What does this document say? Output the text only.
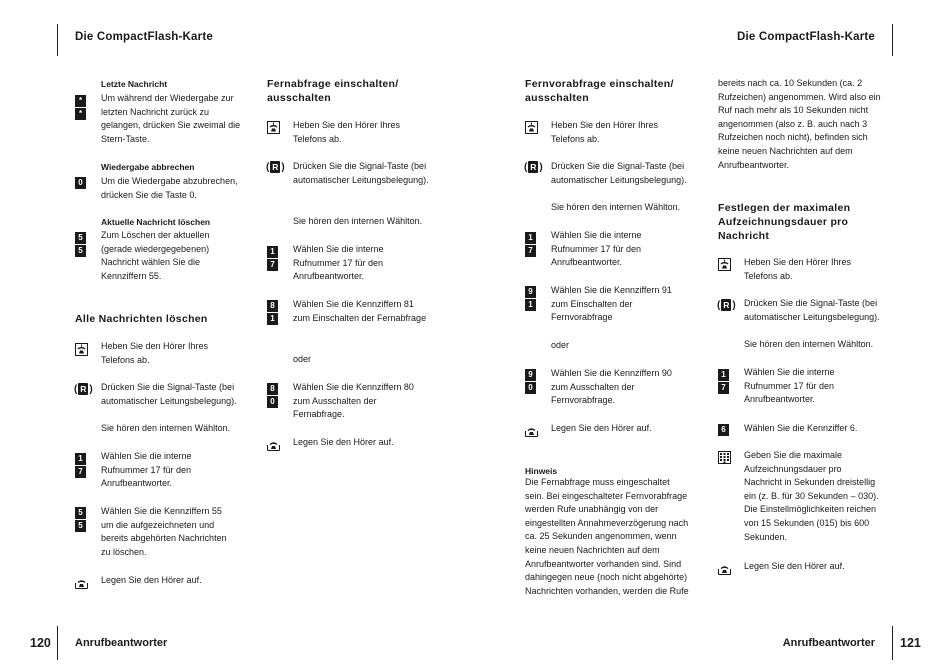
Die CompactFlash-Karte	Die CompactFlash-Karte
120 Anrufbeantworter	Anrufbeantworter 121
Letzte Nachricht
*
*
Um während der Wiedergabe zur letzten Nachricht zurück zu gelangen, drücken Sie zweimal die Stern-Taste.
Wiedergabe abbrechen
0	Um die Wiedergabe abzubrechen, drücken Sie die Taste 0.
Aktuelle Nachricht löschen
5
5
Zum Löschen der aktuellen (gerade wiedergegebenen) Nachricht wählen Sie die Kennziffern 55.
Alle Nachrichten löschen
Heben Sie den Hörer Ihres Telefons ab.
( R ) Drücken Sie die Signal-Taste (bei automatischer Leitungsbelegung).
Sie hören den internen Wählton.
1
7
Wählen Sie die interne Rufnummer 17 für den Anrufbeantworter.
5
5
Wählen Sie die Kennziffern 55 um die aufgezeichneten und bereits abgehörten Nachrichten zu löschen.
Legen Sie den Hörer auf.
Fernabfrage einschalten/ ausschalten
Heben Sie den Hörer Ihres Telefons ab.
( R ) Drücken Sie die Signal-Taste (bei automatischer Leitungsbelegung).
Sie hören den internen Wählton.
1
7
Wählen Sie die interne Rufnummer 17 für den Anrufbeantworter.
8
1
Wählen Sie die Kennziffern 81 zum Einschalten der Fernabfrage
oder
8
0
Wählen Sie die Kennziffern 80 zum Ausschalten der Fernabfrage.
Legen Sie den Hörer auf.
Fernvorabfrage einschalten/ ausschalten
Heben Sie den Hörer Ihres Telefons ab.
( R ) Drücken Sie die Signal-Taste (bei automatischer Leitungsbelegung).
Sie hören den internen Wählton.
1
7
Wählen Sie die interne Rufnummer 17 für den Anrufbeantworter.
9
1
Wählen Sie die Kennziffern 91 zum Einschalten der Fernvorabfrage
oder
9
0
Wählen Sie die Kennziffern 90 zum Ausschalten der Fernvorabfrage.
Legen Sie den Hörer auf.
Hinweis
Die Fernabfrage muss eingeschaltet sein. Bei eingeschalteter Fernvorabfrage werden Rufe unabhängig von der eingestellten Annahmeverzögerung nach ca. 25 Sekunden angenommen, wenn keine neuen Nachrichten auf dem Anrufbeantworter vorhanden sind. Sind dahingegen neue (noch nicht abgehörte) Nachrichten vorhanden, werden die Rufe
bereits nach ca. 10 Sekunden (ca. 2 Rufzeichen) angenommen. Wird also ein Ruf nach mehr als 10 Sekunden nicht angenommen (also z. B. auch nach 3 Rufzeichen noch nicht), befinden sich keine neuen Nachrichten auf dem Anrufbeantworter.
Festlegen der maximalen Aufzeichnungsdauer pro Nachricht
Heben Sie den Hörer Ihres Telefons ab.
( R ) Drücken Sie die Signal-Taste (bei automatischer Leitungsbelegung).
Sie hören den internen Wählton.
1
7
Wählen Sie die interne Rufnummer 17 für den Anrufbeantworter.
6	Wählen Sie die Kennziffer 6.
Geben Sie die maximale Aufzeichnungsdauer pro Nachricht in Sekunden dreistellig ein (z. B. für 30 Sekunden – 030). Die Einstellmöglichkeiten reichen von 15 Sekunden (015) bis 600 Sekunden.
Legen Sie den Hörer auf.
